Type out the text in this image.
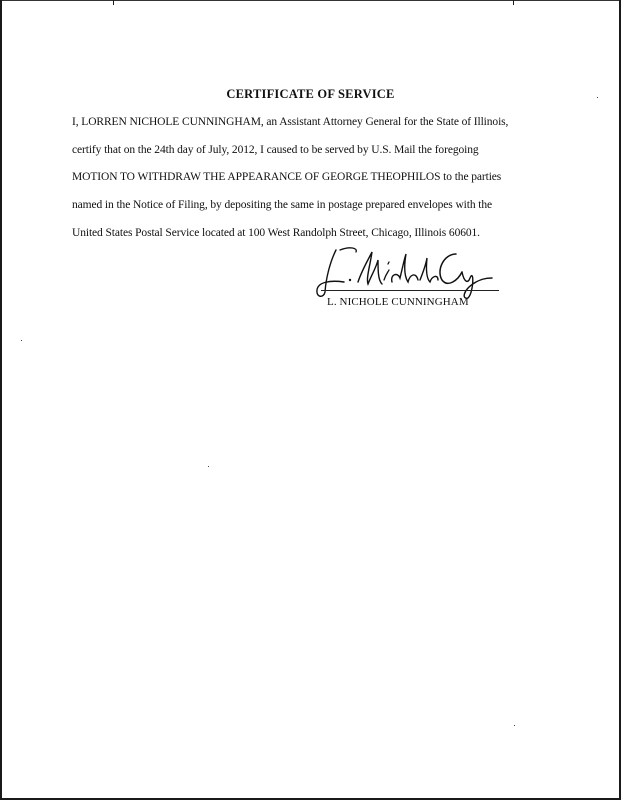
CERTIFICATE OF SERVICE
I, LORREN NICHOLE CUNNINGHAM, an Assistant Attorney General for the State of Illinois,
certify that on the 24th day of July, 2012, I caused to be served by U.S. Mail the foregoing
MOTION TO WITHDRAW THE APPEARANCE OF GEORGE THEOPHILOS to the parties
named in the Notice of Filing, by depositing the same in postage prepared envelopes with the
United States Postal Service located at 100 West Randolph Street, Chicago, Illinois 60601.
L. NICHOLE CUNNINGHAM
